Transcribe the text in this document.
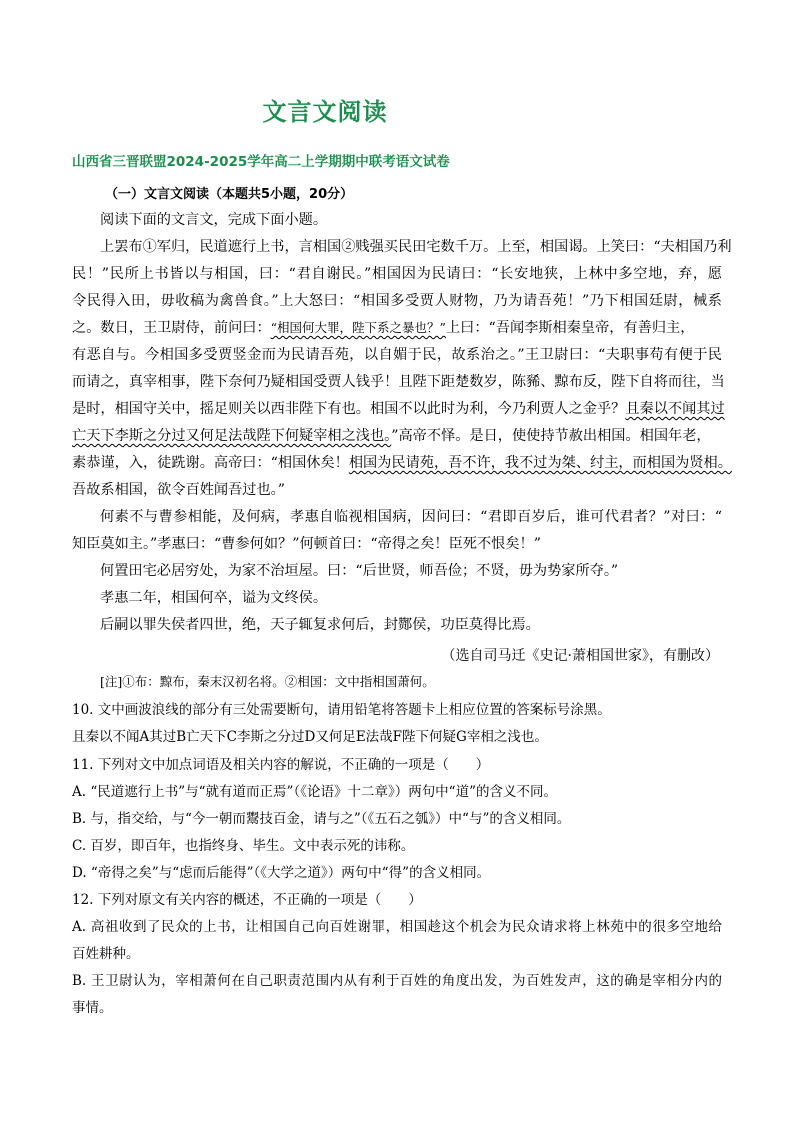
文言文阅读
山西省三晋联盟2024-2025学年高二上学期期中联考语文试卷
（一）文言文阅读（本题共5小题，20分）
阅读下面的文言文，完成下面小题。
上罢布①军归，民道遮行上书，言相国②贱强买民田宅数千万。上至，相国谒。上笑曰：“夫相国乃利
民！”民所上书皆以与相国，曰：“君自谢民。”相国因为民请曰：“长安地狭，上林中多空地，弃，愿
令民得入田，毋收稿为禽兽食。”上大怒曰：“相国多受贾人财物，乃为请吾苑！”乃下相国廷尉，械系
之。数日，王卫尉侍，前问曰：“相国何大罪，陛下系之暴也？”上曰：“吾闻李斯相秦皇帝，有善归主，
有恶自与。今相国多受贾竖金而为民请吾苑，以自媚于民，故系治之。”王卫尉曰：“夫职事苟有便于民
而请之，真宰相事，陛下奈何乃疑相国受贾人钱乎！且陛下距楚数岁，陈豨、黥布反，陛下自将而往，当
是时，相国守关中，摇足则关以西非陛下有也。相国不以此时为利，今乃利贾人之金乎？且秦以不闻其过
亡天下李斯之分过又何足法哉陛下何疑宰相之浅也。”高帝不怿。是日，使使持节赦出相国。相国年老，
素恭谨，入，徒跣谢。高帝曰：“相国休矣！相国为民请苑，吾不许，我不过为桀、纣主，而相国为贤相。
吾故系相国，欲令百姓闻吾过也。”
何素不与曹参相能，及何病，孝惠自临视相国病，因问曰：“君即百岁后，谁可代君者？”对曰：“
知臣莫如主。”孝惠曰：“曹参何如？”何顿首曰：“帝得之矣！臣死不恨矣！”
何置田宅必居穷处，为家不治垣屋。曰：“后世贤，师吾俭；不贤，毋为势家所夺。”
孝惠二年，相国何卒，谥为文终侯。
后嗣以罪失侯者四世，绝，天子辄复求何后，封酂侯，功臣莫得比焉。
（选自司马迁《史记·萧相国世家》，有删改）
[注]①布：黥布，秦末汉初名将。②相国：文中指相国萧何。
10. 文中画波浪线的部分有三处需要断句，请用铅笔将答题卡上相应位置的答案标号涂黑。
且秦以不闻A其过B亡天下C李斯之分过D又何足E法哉F陛下何疑G宰相之浅也。
11. 下列对文中加点词语及相关内容的解说，不正确的一项是（　　）
A. “民道遮行上书”与“就有道而正焉”（《论语》十二章》）两句中“道”的含义不同。
B. 与，指交给，与“今一朝而鬻技百金，请与之”（《五石之瓠》）中“与”的含义相同。
C. 百岁，即百年，也指终身、毕生。文中表示死的讳称。
D. “帝得之矣”与“虑而后能得”（《大学之道》）两句中“得”的含义相同。
12. 下列对原文有关内容的概述，不正确的一项是（　　）
A. 高祖收到了民众的上书，让相国自己向百姓谢罪，相国趁这个机会为民众请求将上林苑中的很多空地给
百姓耕种。
B. 王卫尉认为，宰相萧何在自己职责范围内从有利于百姓的角度出发，为百姓发声，这的确是宰相分内的
事情。
